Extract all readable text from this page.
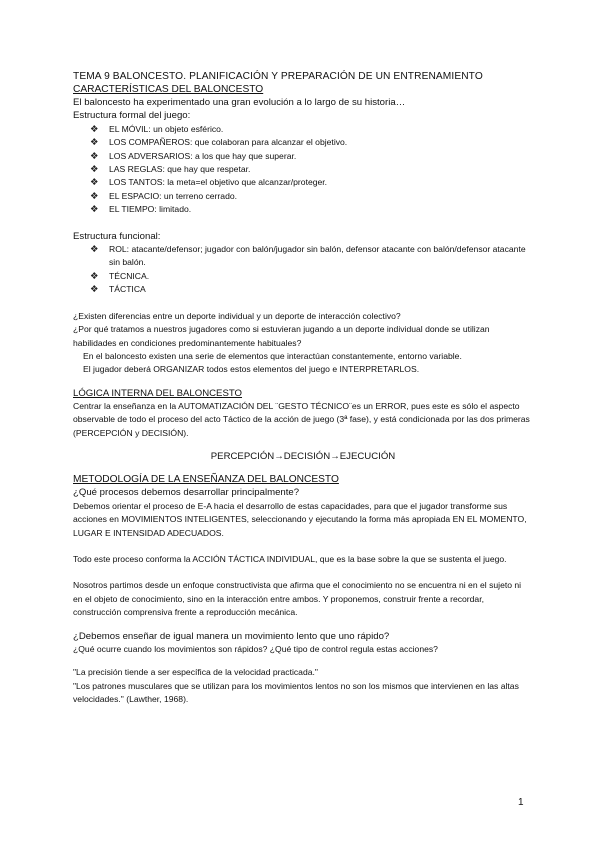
TEMA 9 BALONCESTO. PLANIFICACIÓN Y PREPARACIÓN DE UN ENTRENAMIENTO
CARACTERÍSTICAS DEL BALONCESTO

El baloncesto ha experimentado una gran evolución a lo largo de su historia…

Estructura formal del juego:

❖ EL MÓVIL: un objeto esférico.
❖ LOS COMPAÑEROS: que colaboran para alcanzar el objetivo.
❖ LOS ADVERSARIOS: a los que hay que superar.
❖ LAS REGLAS: que hay que respetar.
❖ LOS TANTOS: la meta=el objetivo que alcanzar/proteger.
❖ EL ESPACIO: un terreno cerrado.
❖ EL TIEMPO: limitado.

Estructura funcional:

❖ ROL: atacante/defensor; jugador con balón/jugador sin balón, defensor atacante con balón/defensor atacante sin balón.
❖ TÉCNICA.
❖ TÁCTICA

¿Existen diferencias entre un deporte individual y un deporte de interacción colectivo?

¿Por qué tratamos a nuestros jugadores como si estuvieran jugando a un deporte individual donde se utilizan habilidades en condiciones predominantemente habituales?

En el baloncesto existen una serie de elementos que interactúan constantemente, entorno variable.

El jugador deberá ORGANIZAR todos estos elementos del juego e INTERPRETARLOS.

LÓGICA INTERNA DEL BALONCESTO

Centrar la enseñanza en la AUTOMATIZACIÓN DEL ¨GESTO TÉCNICO¨es un ERROR, pues este es sólo el aspecto observable de todo el proceso del acto Táctico de la acción de juego (3ª fase), y está condicionada por las dos primeras (PERCEPCIÓN y DECISIÓN).

PERCEPCIÓN→DECISIÓN→EJECUCIÓN

METODOLOGÍA DE LA ENSEÑANZA DEL BALONCESTO

¿Qué procesos debemos desarrollar principalmente?

Debemos orientar el proceso de E-A hacia el desarrollo de estas capacidades, para que el jugador transforme sus acciones en MOVIMIENTOS INTELIGENTES, seleccionando y ejecutando la forma más apropiada EN EL MOMENTO, LUGAR E INTENSIDAD ADECUADOS.

Todo este proceso conforma la ACCIÓN TÁCTICA INDIVIDUAL, que es la base sobre la que se sustenta el juego.

Nosotros partimos desde un enfoque constructivista que afirma que el conocimiento no se encuentra ni en el sujeto ni en el objeto de conocimiento, sino en la interacción entre ambos. Y proponemos, construir frente a recordar, construcción comprensiva frente a reproducción mecánica.

¿Debemos enseñar de igual manera un movimiento lento que uno rápido?

¿Qué ocurre cuando los movimientos son rápidos? ¿Qué tipo de control regula estas acciones?

"La precisión tiende a ser específica de la velocidad practicada."

"Los patrones musculares que se utilizan para los movimientos lentos no son los mismos que intervienen en las altas velocidades." (Lawther, 1968).

1
